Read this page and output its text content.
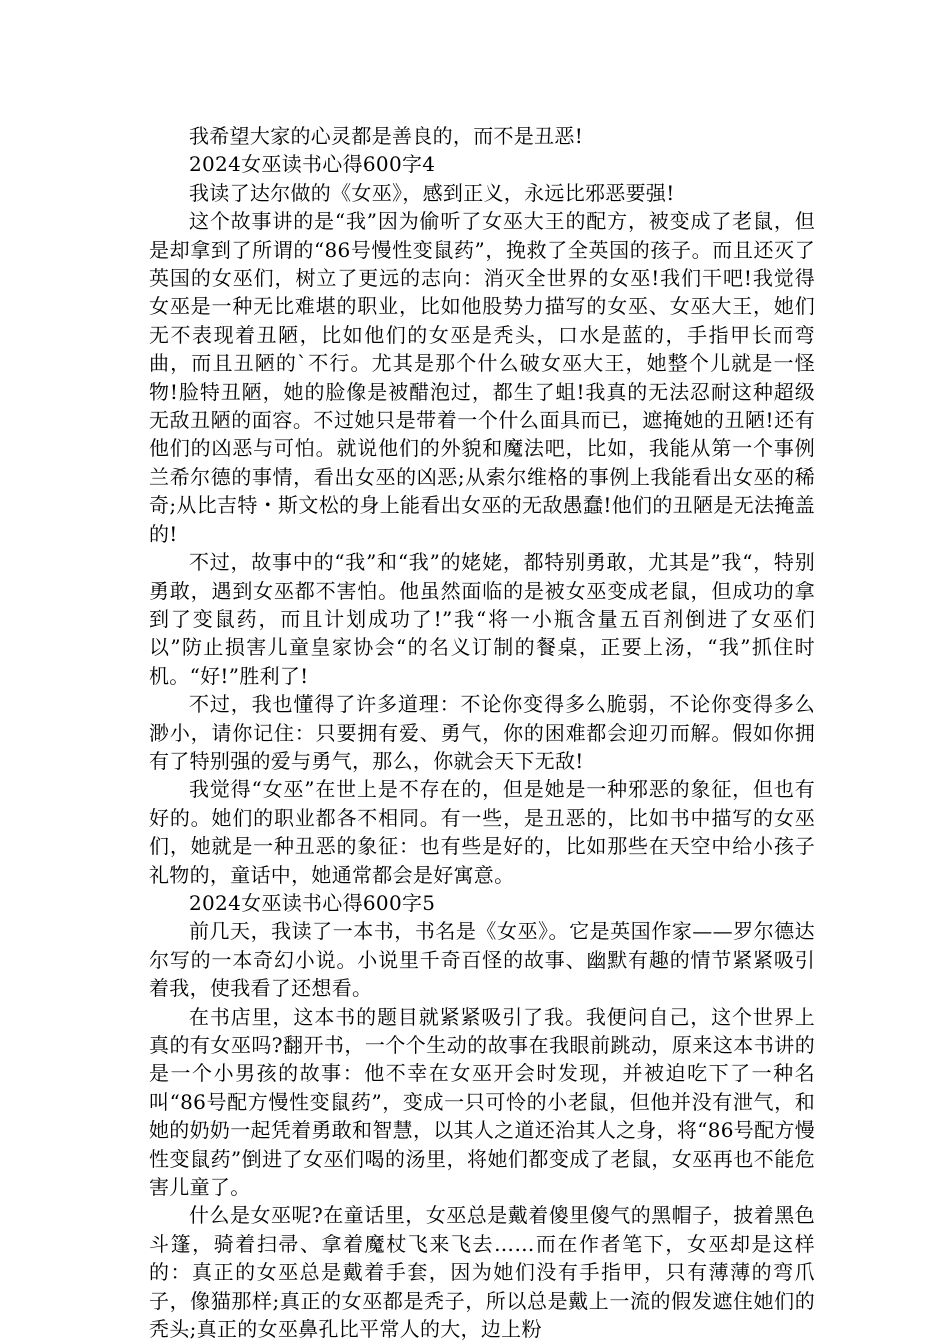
我希望大家的心灵都是善良的，而不是丑恶!

2024女巫读书心得600字4

我读了达尔做的《女巫》，感到正义，永远比邪恶要强!

这个故事讲的是“我”因为偷听了女巫大王的配方，被变成了老鼠，但是却拿到了所谓的“86号慢性变鼠药”，挽救了全英国的孩子。而且还灭了英国的女巫们，树立了更远的志向：消灭全世界的女巫!我们干吧!我觉得女巫是一种无比难堪的职业，比如他股势力描写的女巫、女巫大王，她们无不表现着丑陋，比如他们的女巫是秃头，口水是蓝的，手指甲长而弯曲，而且丑陋的`不行。尤其是那个什么破女巫大王，她整个儿就是一怪物!脸特丑陋，她的脸像是被醋泡过，都生了蛆!我真的无法忍耐这种超级无敌丑陋的面容。不过她只是带着一个什么面具而已，遮掩她的丑陋!还有他们的凶恶与可怕。就说他们的外貌和魔法吧，比如，我能从第一个事例兰希尔德的事情，看出女巫的凶恶;从索尔维格的事例上我能看出女巫的稀奇;从比吉特・斯文松的身上能看出女巫的无敌愚蠢!他们的丑陋是无法掩盖的!

不过，故事中的“我”和“我”的姥姥，都特别勇敢，尤其是”我“，特别勇敢，遇到女巫都不害怕。他虽然面临的是被女巫变成老鼠，但成功的拿到了变鼠药，而且计划成功了!”我“将一小瓶含量五百剂倒进了女巫们以”防止损害儿童皇家协会“的名义订制的餐桌，正要上汤，“我”抓住时机。“好!”胜利了!

不过，我也懂得了许多道理：不论你变得多么脆弱，不论你变得多么渺小，请你记住：只要拥有爱、勇气，你的困难都会迎刃而解。假如你拥有了特别强的爱与勇气，那么，你就会天下无敌!

我觉得“女巫”在世上是不存在的，但是她是一种邪恶的象征，但也有好的。她们的职业都各不相同。有一些，是丑恶的，比如书中描写的女巫们，她就是一种丑恶的象征：也有些是好的，比如那些在天空中给小孩子礼物的，童话中，她通常都会是好寓意。

2024女巫读书心得600字5

前几天，我读了一本书，书名是《女巫》。它是英国作家——罗尔德达尔写的一本奇幻小说。小说里千奇百怪的故事、幽默有趣的情节紧紧吸引着我，使我看了还想看。

在书店里，这本书的题目就紧紧吸引了我。我便问自己，这个世界上真的有女巫吗?翻开书，一个个生动的故事在我眼前跳动，原来这本书讲的是一个小男孩的故事：他不幸在女巫开会时发现，并被迫吃下了一种名叫“86号配方慢性变鼠药”，变成一只可怜的小老鼠，但他并没有泄气，和她的奶奶一起凭着勇敢和智慧，以其人之道还治其人之身，将“86号配方慢性变鼠药”倒进了女巫们喝的汤里，将她们都变成了老鼠，女巫再也不能危害儿童了。

什么是女巫呢?在童话里，女巫总是戴着傻里傻气的黑帽子，披着黑色斗篷，骑着扫帚、拿着魔杖飞来飞去……而在作者笔下，女巫却是这样的：真正的女巫总是戴着手套，因为她们没有手指甲，只有薄薄的弯爪子，像猫那样;真正的女巫都是秃子，所以总是戴上一流的假发遮住她们的秃头;真正的女巫鼻孔比平常人的大，边上粉
